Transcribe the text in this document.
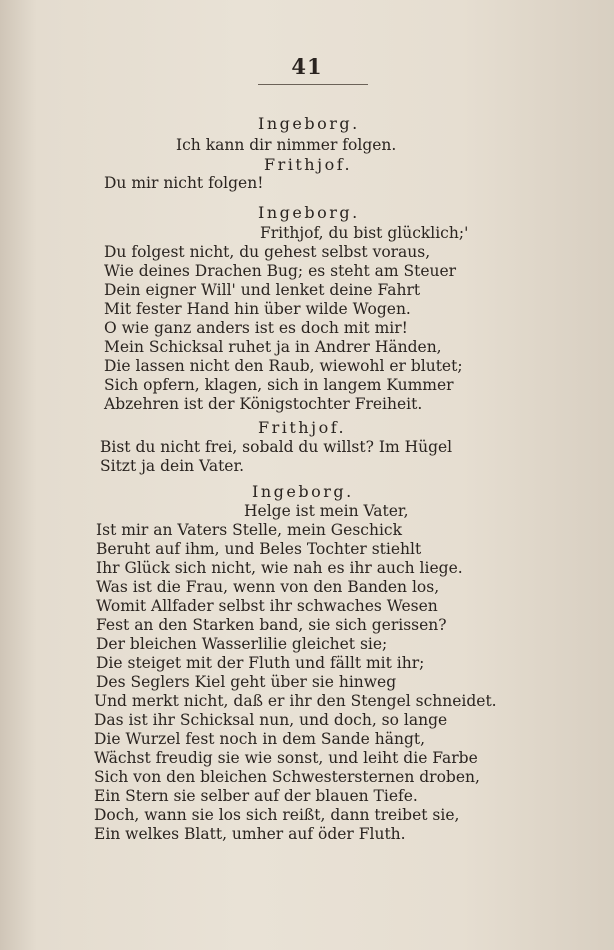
41
Ingeborg.
Ich kann dir nimmer folgen.
Frithjof.
Du mir nicht folgen!
Ingeborg.
Frithjof, du bist glücklich;'
Du folgest nicht, du gehest selbst voraus,
Wie deines Drachen Bug; es steht am Steuer
Dein eigner Will' und lenket deine Fahrt
Mit fester Hand hin über wilde Wogen.
O wie ganz anders ist es doch mit mir!
Mein Schicksal ruhet ja in Andrer Händen,
Die lassen nicht den Raub, wiewohl er blutet;
Sich opfern, klagen, sich in langem Kummer
Abzehren ist der Königstochter Freiheit.
Frithjof.
Bist du nicht frei, sobald du willst? Im Hügel
Sitzt ja dein Vater.
Ingeborg.
Helge ist mein Vater,
Ist mir an Vaters Stelle, mein Geschick
Beruht auf ihm, und Beles Tochter stiehlt
Ihr Glück sich nicht, wie nah es ihr auch liege.
Was ist die Frau, wenn von den Banden los,
Womit Allfader selbst ihr schwaches Wesen
Fest an den Starken band, sie sich gerissen?
Der bleichen Wasserlilie gleichet sie;
Die steiget mit der Fluth und fällt mit ihr;
Des Seglers Kiel geht über sie hinweg
Und merkt nicht, daß er ihr den Stengel schneidet.
Das ist ihr Schicksal nun, und doch, so lange
Die Wurzel fest noch in dem Sande hängt,
Wächst freudig sie wie sonst, und leiht die Farbe
Sich von den bleichen Schwestersternen droben,
Ein Stern sie selber auf der blauen Tiefe.
Doch, wann sie los sich reißt, dann treibet sie,
Ein welkes Blatt, umher auf öder Fluth.
